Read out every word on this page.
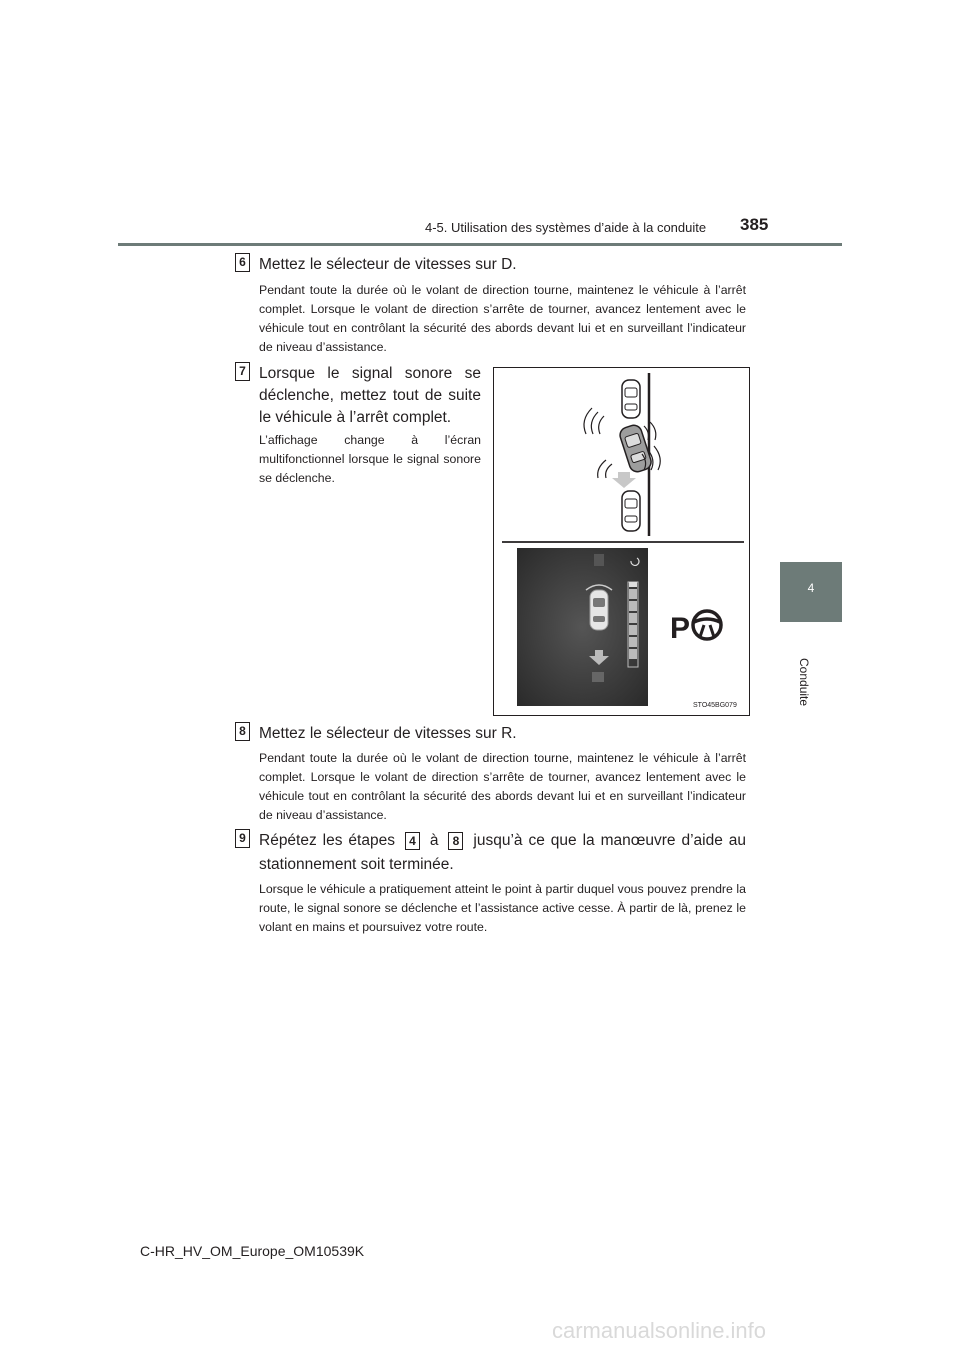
4-5. Utilisation des systèmes d’aide à la conduite 385
4
Conduite
6 Mettez le sélecteur de vitesses sur D.
Pendant toute la durée où le volant de direction tourne, maintenez le véhicule à l’arrêt complet. Lorsque le volant de direction s’arrête de tourner, avancez lentement avec le véhicule tout en contrôlant la sécurité des abords devant lui et en surveillant l’indicateur de niveau d’assistance.
7 Lorsque le signal sonore se déclenche, mettez tout de suite le véhicule à l’arrêt complet.
L’affichage change à l’écran multifonctionnel lorsque le signal sonore se déclenche.
P
STO45BG079
8 Mettez le sélecteur de vitesses sur R.
Pendant toute la durée où le volant de direction tourne, maintenez le véhicule à l’arrêt complet. Lorsque le volant de direction s’arrête de tourner, avancez lentement avec le véhicule tout en contrôlant la sécurité des abords devant lui et en surveillant l’indicateur de niveau d’assistance.
9 Répétez les étapes 4 à 8 jusqu’à ce que la manœuvre d’aide au stationnement soit terminée.
Lorsque le véhicule a pratiquement atteint le point à partir duquel vous pouvez prendre la route, le signal sonore se déclenche et l’assistance active cesse. À partir de là, prenez le volant en mains et poursuivez votre route.
C-HR_HV_OM_Europe_OM10539K
carmanualsonline.info
